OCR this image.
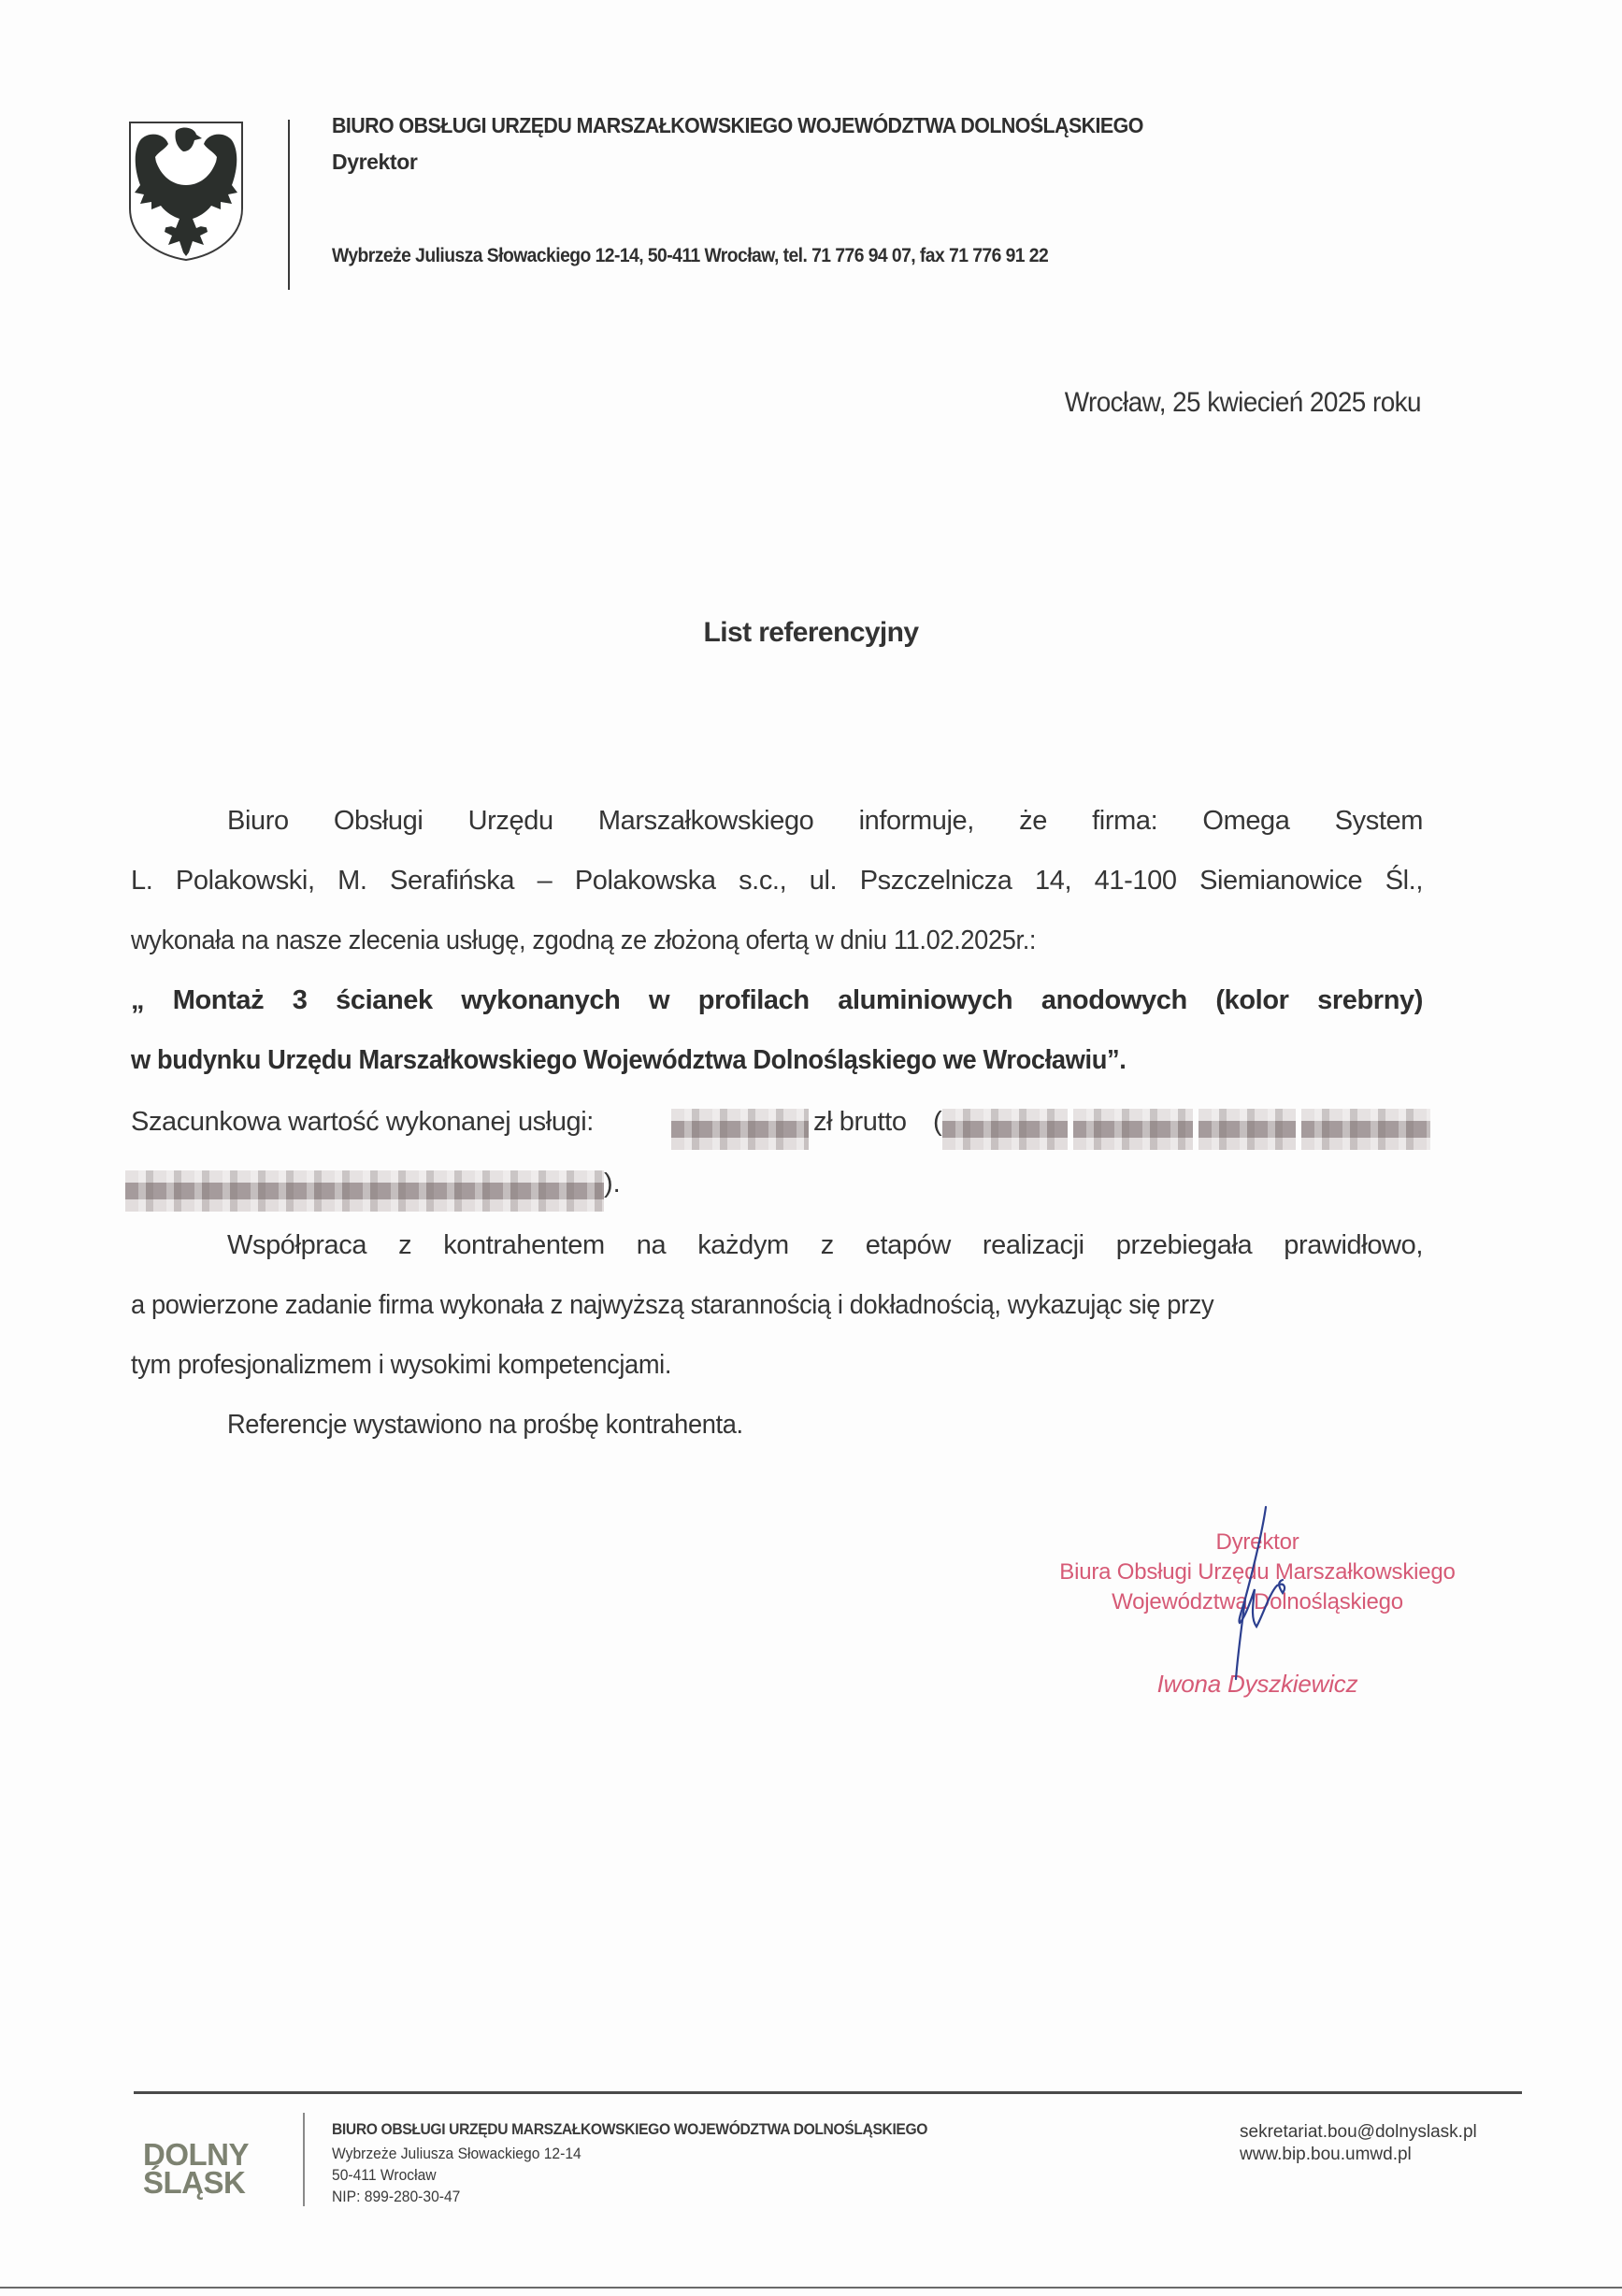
BIURO OBSŁUGI URZĘDU MARSZAŁKOWSKIEGO WOJEWÓDZTWA DOLNOŚLĄSKIEGO
Dyrektor
Wybrzeże Juliusza Słowackiego 12-14, 50-411 Wrocław, tel. 71 776 94 07, fax 71 776 91 22
Wrocław, 25 kwiecień 2025 roku
List referencyjny
Biuro Obsługi Urzędu Marszałkowskiego informuje, że firma: Omega System
L. Polakowski, M. Serafińska – Polakowska s.c., ul. Pszczelnicza 14, 41-100 Siemianowice Śl.,
wykonała na nasze zlecenia usługę, zgodną ze złożoną ofertą w dniu 11.02.2025r.:
„ Montaż 3 ścianek wykonanych w profilach aluminiowych anodowych (kolor srebrny)
w budynku Urzędu Marszałkowskiego Województwa Dolnośląskiego we Wrocławiu”.
Szacunkowa wartość wykonanej usługi:	zł brutto (
).
Współpraca z kontrahentem na każdym z etapów realizacji przebiegała prawidłowo,
a powierzone zadanie firma wykonała z najwyższą starannością i dokładnością, wykazując się przy
tym profesjonalizmem i wysokimi kompetencjami.
Referencje wystawiono na prośbę kontrahenta.
Dyrektor
Biura Obsługi Urzędu Marszałkowskiego
Województwa Dolnośląskiego
Iwona Dyszkiewicz
DOLNY
ŚLĄSK
BIURO OBSŁUGI URZĘDU MARSZAŁKOWSKIEGO WOJEWÓDZTWA DOLNOŚLĄSKIEGO
Wybrzeże Juliusza Słowackiego 12-14
50-411 Wrocław
NIP: 899-280-30-47
sekretariat.bou@dolnyslask.pl
www.bip.bou.umwd.pl
